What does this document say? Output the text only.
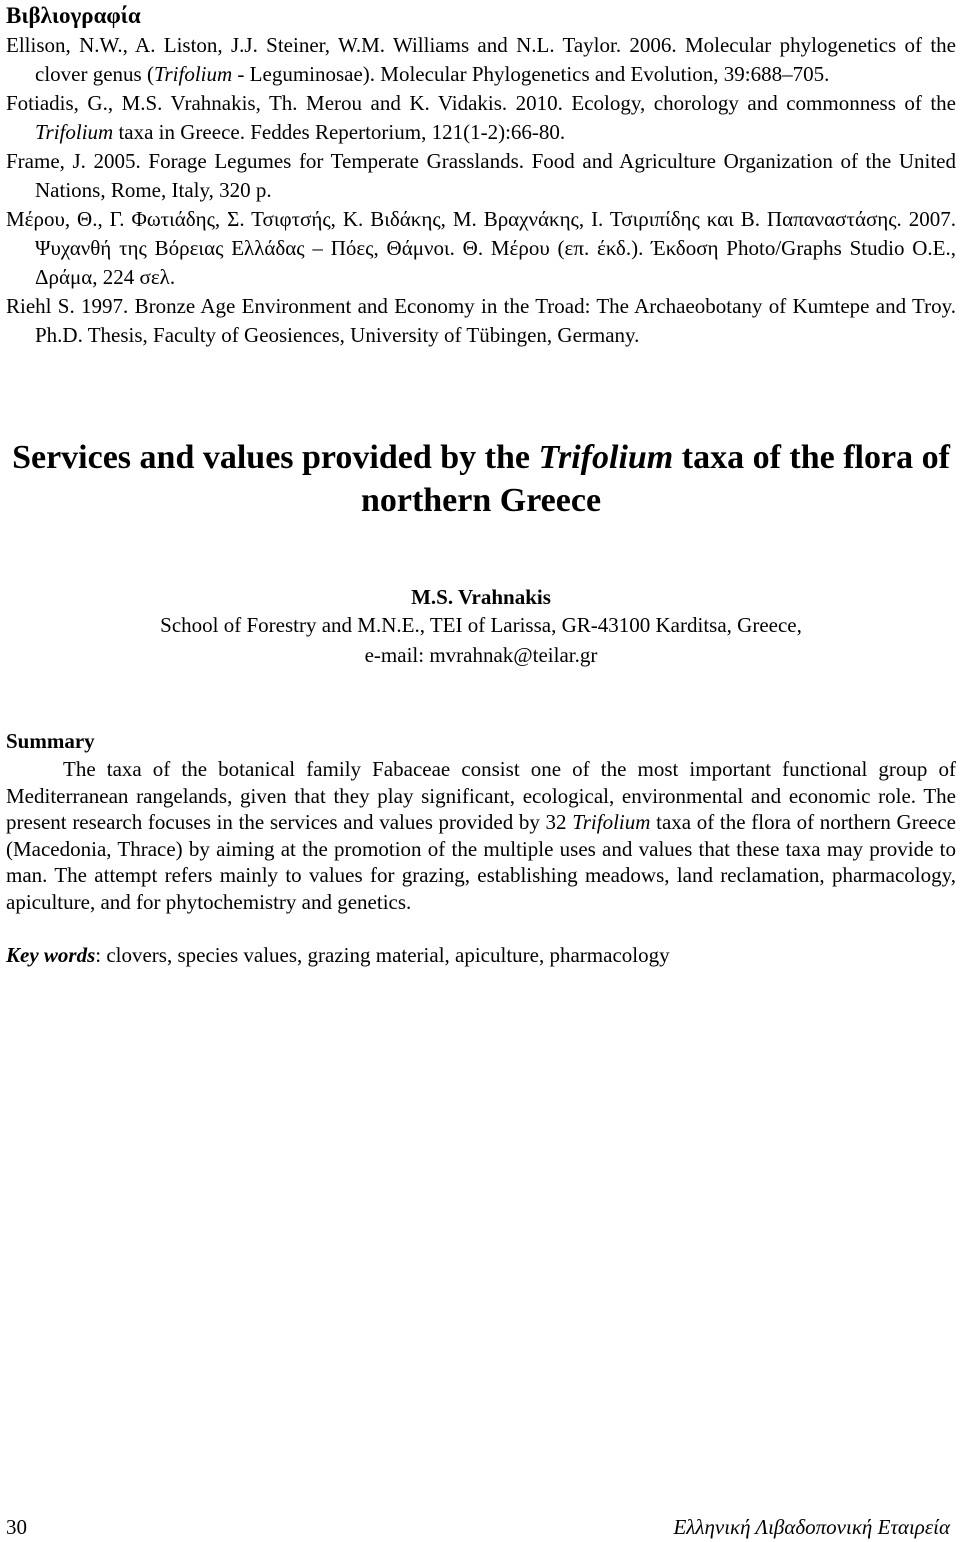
Βιβλιογραφία

Ellison, N.W., A. Liston, J.J. Steiner, W.M. Williams and N.L. Taylor. 2006. Molecular phylogenetics of the clover genus (Trifolium - Leguminosae). Molecular Phylogenetics and Evolution, 39:688–705.

Fotiadis, G., M.S. Vrahnakis, Th. Merou and K. Vidakis. 2010. Ecology, chorology and commonness of the Trifolium taxa in Greece. Feddes Repertorium, 121(1-2):66-80.

Frame, J. 2005. Forage Legumes for Temperate Grasslands. Food and Agriculture Organization of the United Nations, Rome, Italy, 320 p.

Μέρου, Θ., Γ. Φωτιάδης, Σ. Τσιφτσής, Κ. Βιδάκης, Μ. Βραχνάκης, Ι. Τσιριπίδης και Β. Παπαναστάσης. 2007. Ψυχανθή της Βόρειας Ελλάδας – Πόες, Θάμνοι. Θ. Μέρου (επ. έκδ.). Έκδοση Photo/Graphs Studio O.E., Δράμα, 224 σελ.

Riehl S. 1997. Bronze Age Environment and Economy in the Troad: The Archaeobotany of Kumtepe and Troy. Ph.D. Thesis, Faculty of Geosiences, University of Tübingen, Germany.

Services and values provided by the Trifolium taxa of the flora of northern Greece
M.S. Vrahnakis
School of Forestry and M.N.E., TEI of Larissa, GR-43100 Karditsa, Greece,
e-mail: mvrahnak@teilar.gr
Summary

The taxa of the botanical family Fabaceae consist one of the most important functional group of Mediterranean rangelands, given that they play significant, ecological, environmental and economic role. The present research focuses in the services and values provided by 32 Trifolium taxa of the flora of northern Greece (Macedonia, Thrace) by aiming at the promotion of the multiple uses and values that these taxa may provide to man. The attempt refers mainly to values for grazing, establishing meadows, land reclamation, pharmacology, apiculture, and for phytochemistry and genetics.

Key words: clovers, species values, grazing material, apiculture, pharmacology
30	Ελληνική Λιβαδοπονική Εταιρεία
